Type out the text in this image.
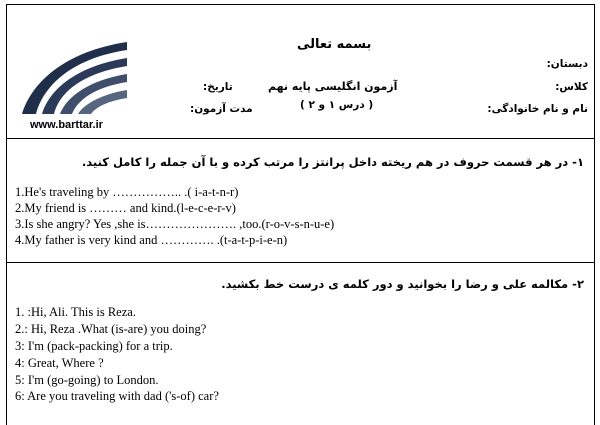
بسمه تعالی
دبستان:
کلاس:
نام و نام خانوادگی:
آزمون انگلیسی پایه نهم
( درس ۱ و ۲ )
تاریخ:
مدت آزمون:
www.barttar.ir
۱- در هر قسمت حروف در هم ریخته داخل پرانتز را مرتب کرده و با آن جمله را کامل کنید.
1.He's traveling by …………….. .( i-a-t-n-r)
2.My friend is ……… and kind.(l-e-c-e-r-v)
3.Is she angry? Yes ,she is…………………. ,too.(r-o-v-s-n-u-e)
4.My father is very kind and …………. .(t-a-t-p-i-e-n)
۲- مکالمه علی و رضا را بخوانید و دور کلمه ی درست خط بکشید.
1. :Hi, Ali. This is Reza.
2.: Hi, Reza .What (is-are) you doing?
3: I'm (pack-packing) for a trip.
4: Great, Where ?
5: I'm (go-going) to London.
6: Are you traveling with dad ('s-of) car?
